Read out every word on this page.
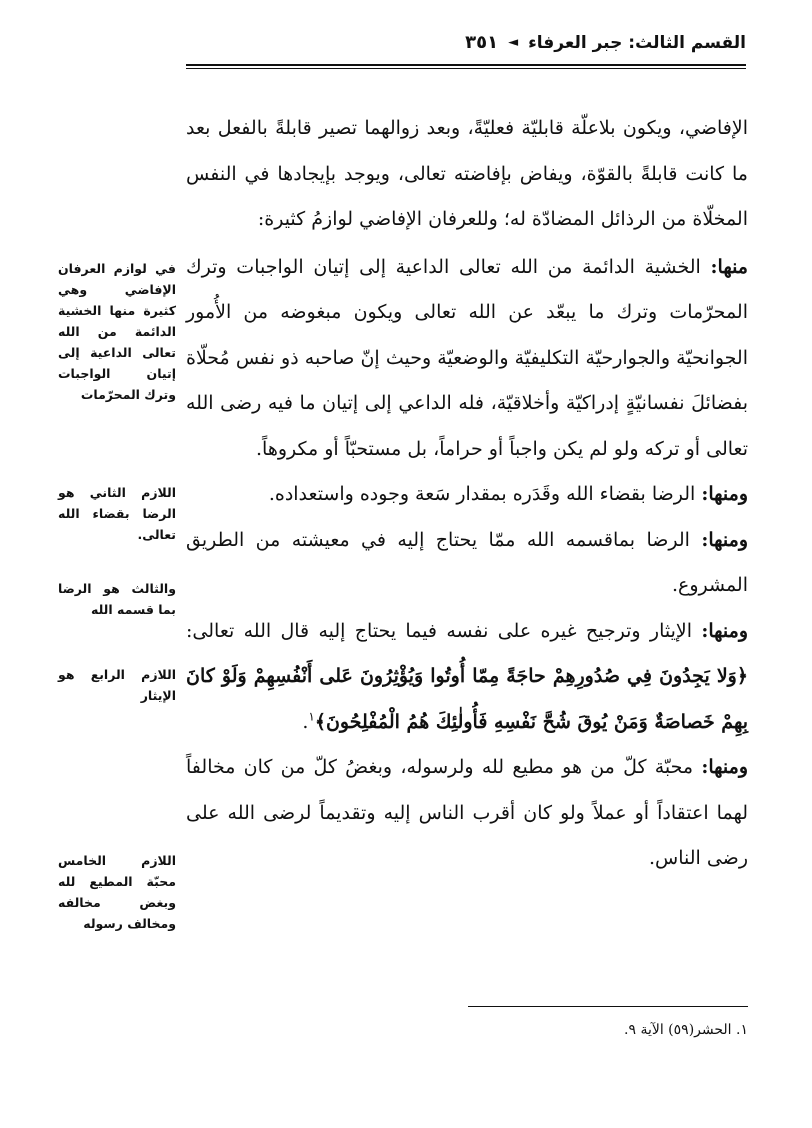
القسم الثالث: جبر العرفاء
◄
٣٥١

الإفاضي، ويكون بلاعلّة قابليّة فعليّةً، وبعد زوالهما تصير قابلةً بالفعل بعد ما كانت قابلةً بالقوّة، ويفاض بإفاضته تعالى، ويوجد بإيجادها في النفس المخلّاة من الرذائل المضادّة له؛ وللعرفان الإفاضي لوازمُ كثيرة:

منها: الخشية الدائمة من الله تعالى الداعية إلى إتيان الواجبات وترك المحرّمات وترك ما يبعّد عن الله تعالى ويكون مبغوضه من الأُمور الجوانحيّة والجوارحيّة التكليفيّة والوضعيّة وحيث إنّ صاحبه ذو نفس مُحلّاة بفضائلَ نفسانيّةٍ إدراكيّة وأخلاقيّة، فله الداعي إلى إتيان ما فيه رضى الله تعالى أو تركه ولو لم يكن واجباً أو حراماً، بل مستحبّاً أو مكروهاً.

ومنها: الرضا بقضاء الله وقَدَره بمقدار سَعة وجوده واستعداده.

ومنها: الرضا بماقسمه الله ممّا يحتاج إليه في معيشته من الطريق المشروع.

ومنها: الإيثار وترجيح غيره على نفسه فيما يحتاج إليه قال الله تعالى: ﴿وَلا يَجِدُونَ فِي صُدُورِهِمْ حاجَةً مِمّا أُوتُوا وَيُؤْثِرُونَ عَلى أَنْفُسِهِمْ وَلَوْ كانَ بِهِمْ خَصاصَةٌ وَمَنْ يُوقَ شُحَّ نَفْسِهِ فَأُولٰئِكَ هُمُ الْمُفْلِحُونَ﴾$^١$.

ومنها: محبّة كلّ من هو مطيع لله ولرسوله، وبغضُ كلّ من كان مخالفاً لهما اعتقاداً أو عملاً ولو كان أقرب الناس إليه وتقديماً لرضى الله على رضى الناس.

في لوازم العرفان الإفاضي وهي كثيرة منها الخشية الدائمة من الله تعالى الداعية إلى إتيان الواجبات وترك المحرّمات
اللازم الثاني هو الرضا بقضاء الله تعالى.
والثالث هو الرضا بما قسمه الله
اللازم الرابع هو الإيثار
اللازم الخامس محبّة المطيع لله وبغض مخالفه ومخالف رسوله
١. الحشر(٥٩) الآية ٩.
